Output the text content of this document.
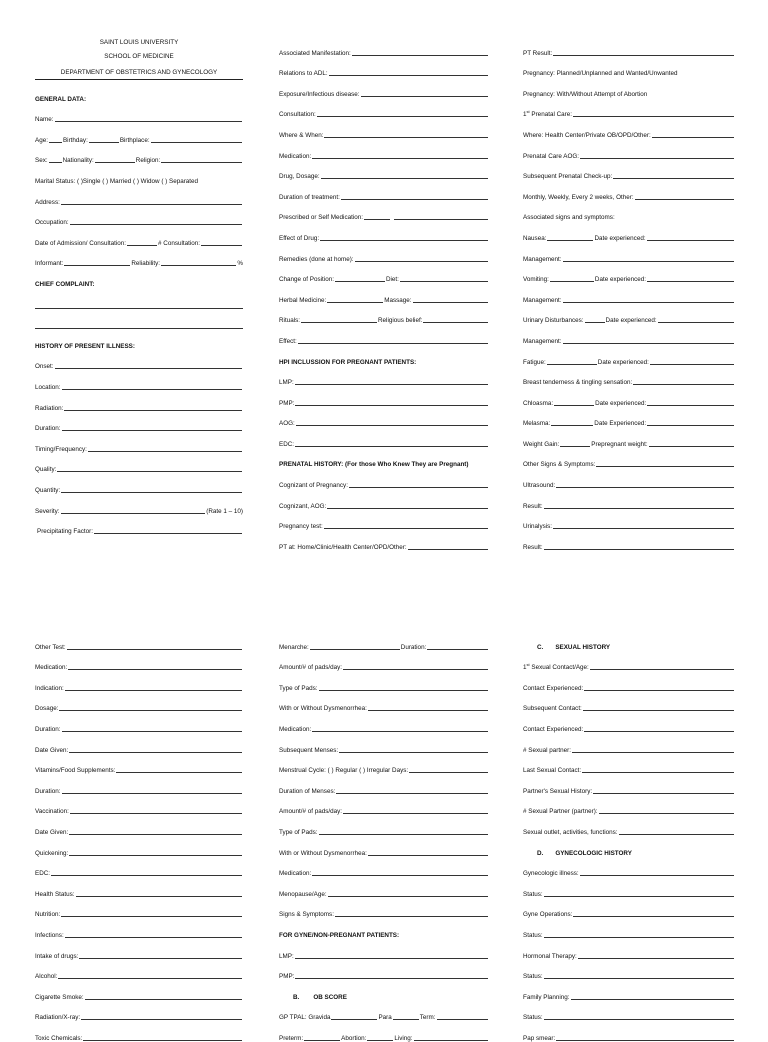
SAINT LOUIS UNIVERSITY
SCHOOL OF MEDICINE
DEPARTMENT OF OBSTETRICS AND GYNECOLOGY
GENERAL DATA:
Name:
Age: Birthday:	Birthplace:
Sex: Nationality:	Religion:
Marital Status: ( )Single ( ) Married ( ) Widow ( ) Separated
Address:
Occupation:
Date of Admission/ Consultation:	# Consultation:
Informant:	Reliability:	%
CHIEF COMPLAINT:
HISTORY OF PRESENT ILLNESS:
Onset:
Location:
Radiation:
Duration:
Timing/Frequency:
Quality:
Quantity:
Severity:	(Rate 1 – 10)
Precipitating Factor:
Associated Manifestation:
Relations to ADL:
Exposure/Infectious disease:
Consultation:
Where & When:
Medication:
Drug, Dosage:
Duration of treatment:
Prescribed or Self Medication:

Effect of Drug:
Remedies (done at home):
Change of Position:	Diet:
Herbal Medicine:	Massage:
Rituals:	Religious belief:
Effect:
HPI INCLUSSION FOR PREGNANT PATIENTS:
LMP:
PMP:
AOG:
EDC:
PRENATAL HISTORY: (For those Who Knew They are Pregnant)
Cognizant of Pregnancy:
Cognizant, AOG:
Pregnancy test:
PT at: Home/Clinic/Health Center/OPD/Other:
PT Result:
Pregnancy: Planned/Unplanned and Wanted/Unwanted
Pregnancy: With/Without Attempt of Abortion
1st Prenatal Care:
Where: Health Center/Private OB/OPD/Other:
Prenatal Care AOG:
Subsequent Prenatal Check-up:
Monthly, Weekly, Every 2 weeks, Other:
Associated signs and symptoms:
Nausea:	Date experienced:
Management:
Vomiting:	Date experienced:
Management:
Urinary Disturbances:	Date experienced:
Management:
Fatigue:	Date experienced:
Breast tenderness & tingling sensation:
Chloasma:	Date experienced:
Melasma:	Date Experienced:
Weight Gain:	Prepregnant weight:
Other Signs & Symptoms:
Ultrasound:
Result:
Urinalysis:
Result:
Other Test:
Medication:
Indication:
Dosage:
Duration:
Date Given:
Vitamins/Food Supplements:
Duration:
Vaccination:
Date Given:
Quickening:
EDC:
Health Status:
Nutrition:
Infections:
Intake of drugs:
Alcohol:
Cigarette Smoke:
Radiation/X-ray:
Toxic Chemicals:
Menarche:	Duration:
Amount/# of pads/day:
Type of Pads:
With or Without Dysmenorrhea:
Medication:
Subsequent Menses:
Menstrual Cycle: ( ) Regular ( ) Irregular Days:
Duration of Menses:
Amount/# of pads/day:
Type of Pads:
With or Without Dysmenorrhea:
Medication:
Menopause/Age:
Signs & Symptoms:
FOR GYNE/NON-PREGNANT PATIENTS:
LMP:
PMP:
B.	OB SCORE
GP TPAL: Gravida	Para	Term:
Preterm:	Abortion:	Living:
C.	SEXUAL HISTORY
1st Sexual Contact/Age:
Contact Experienced:
Subsequent Contact:
Contact Experienced:
# Sexual partner:
Last Sexual Contact:
Partner's Sexual History:
# Sexual Partner (partner):
Sexual outlet, activities, functions:
D.	GYNECOLOGIC HISTORY
Gynecologic illness:
Status:
Gyne Operations:
Status:
Hormonal Therapy:
Status:
Family Planning:
Status:
Pap smear:
